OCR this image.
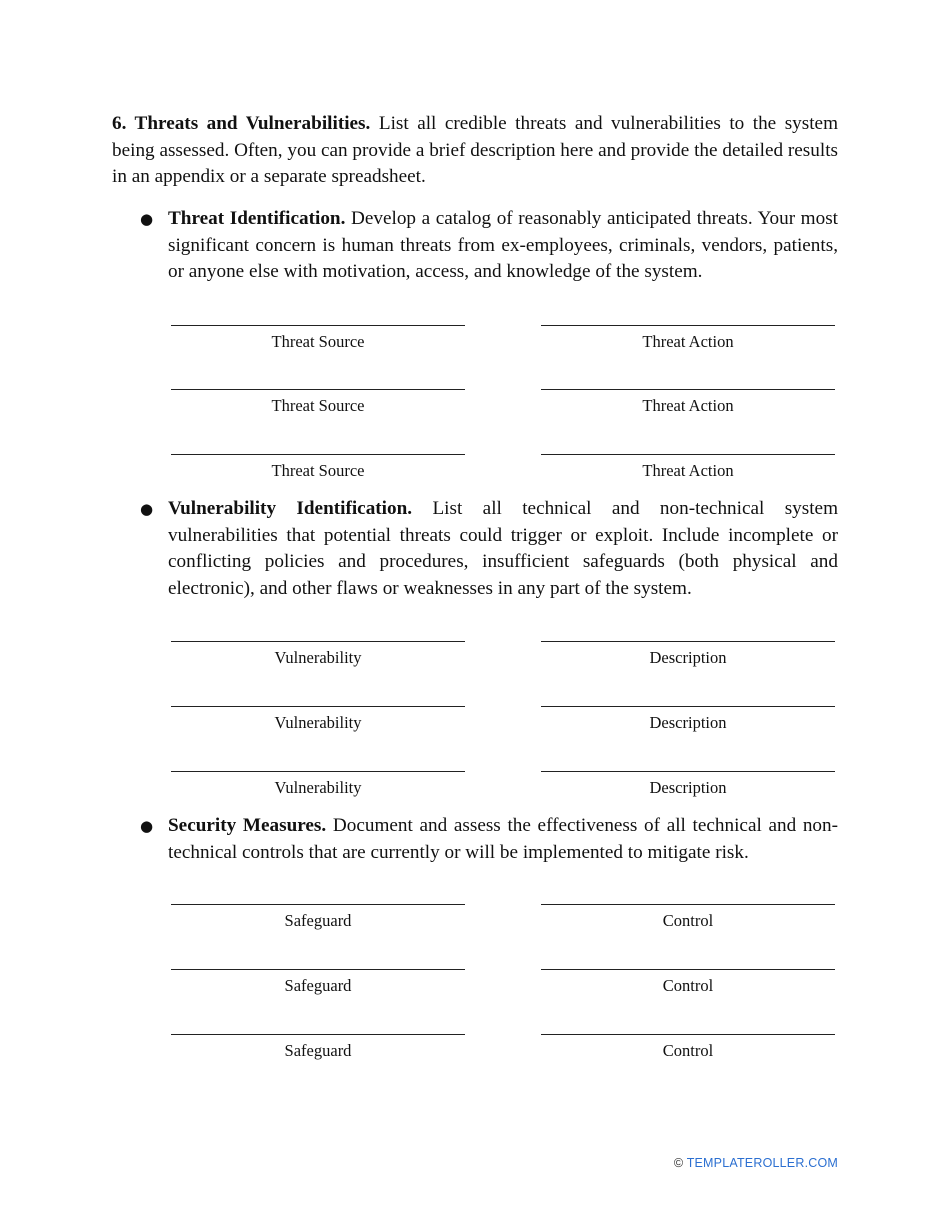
6. Threats and Vulnerabilities. List all credible threats and vulnerabilities to the system being assessed. Often, you can provide a brief description here and provide the detailed results in an appendix or a separate spreadsheet.

● Threat Identification. Develop a catalog of reasonably anticipated threats. Your most significant concern is human threats from ex-employees, criminals, vendors, patients, or anyone else with motivation, access, and knowledge of the system.

Threat Source	Threat Action
Threat Source	Threat Action
Threat Source	Threat Action
● Vulnerability Identification. List all technical and non-technical system vulnerabilities that potential threats could trigger or exploit. Include incomplete or conflicting policies and procedures, insufficient safeguards (both physical and electronic), and other flaws or weaknesses in any part of the system.

Vulnerability	Description
Vulnerability	Description
Vulnerability	Description
● Security Measures. Document and assess the effectiveness of all technical and non-technical controls that are currently or will be implemented to mitigate risk.

Safeguard	Control
Safeguard	Control
Safeguard	Control
© TEMPLATEROLLER.COM
